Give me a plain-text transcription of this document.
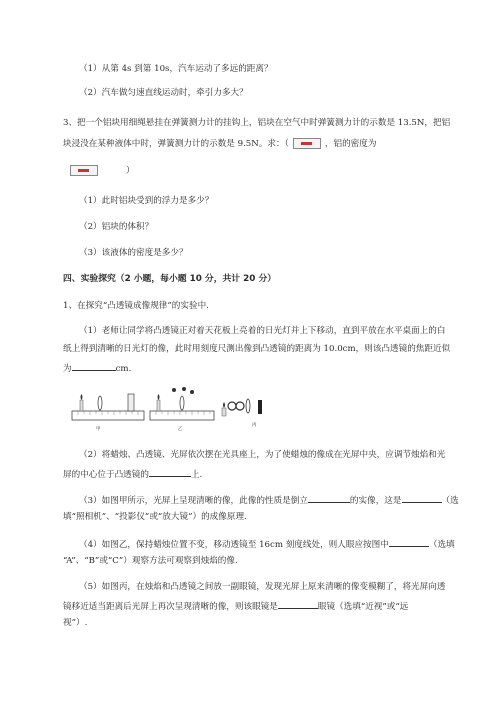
（1）从第 4s 到第 10s，汽车运动了多远的距离？
（2）汽车做匀速直线运动时，牵引力多大？
3、把一个铝块用细绳悬挂在弹簧测力计的挂钩上，铝块在空气中时弹簧测力计的示数是 13.5N，把铝
块浸没在某种液体中时，弹簧测力计的示数是 9.5N。求：（	，铝的密度为
）
（1）此时铝块受到的浮力是多少？
（2）铝块的体积？
（3）该液体的密度是多少？
四、实验探究（2 小题，每小题 10 分，共计 20 分）
1、在探究“凸透镜成像规律”的实验中.
（1）老师让同学将凸透镜正对着天花板上亮着的日光灯并上下移动，直到平放在水平桌面上的白
纸上得到清晰的日光灯的像，此时用刻度尺测出像到凸透镜的距离为 10.0cm，则该凸透镜的焦距近似
为	cm.
甲	乙
丙
（2）将蜡烛、凸透镜、光屏依次摆在光具座上，为了使蜡烛的像成在光屏中央，应调节烛焰和光
屏的中心位于凸透镜的	上.
（3）如图甲所示，光屏上呈现清晰的像，此像的性质是倒立	的实像，这是	（选
填“照相机”、“投影仪”或“放大镜”）的成像原理.
（4）如图乙，保持蜡烛位置不变，移动透镜至 16cm 刻度线处，则人眼应按图中	（选填
“A”、“B”或“C”）观察方法可观察到烛焰的像.
（5）如图丙，在烛焰和凸透镜之间放一副眼镜，发现光屏上原来清晰的像变模糊了，将光屏向透
镜移近适当距离后光屏上再次呈现清晰的像，则该眼镜是	眼镜（选填“近视”或“远
视”）.
